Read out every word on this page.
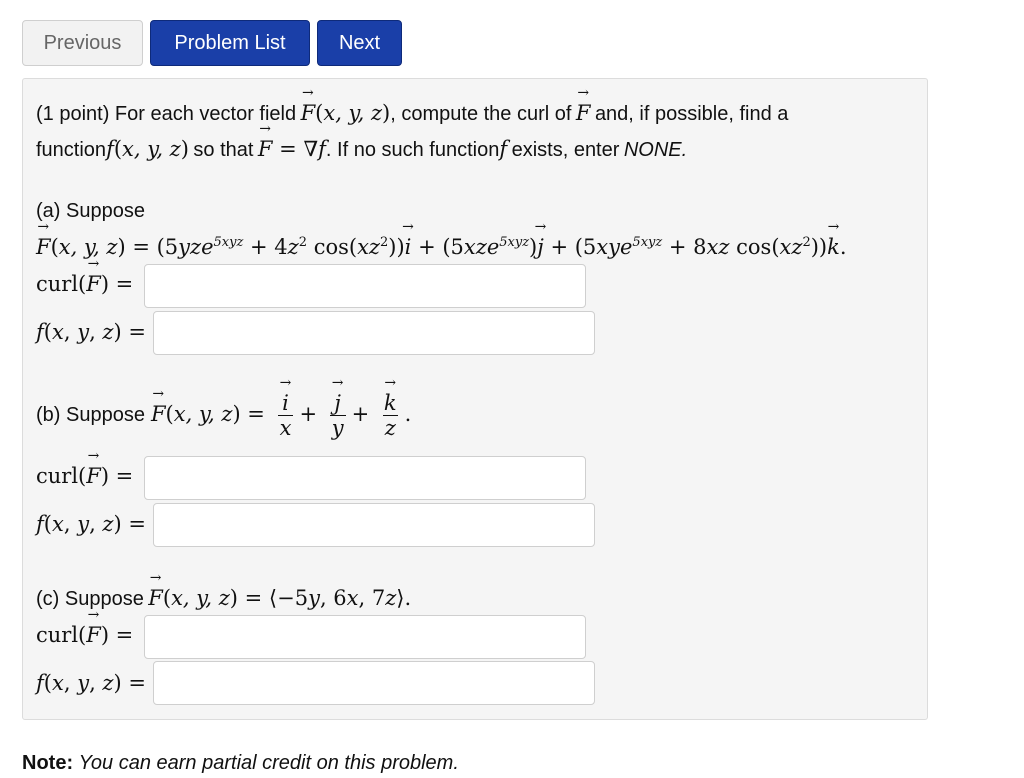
Previous	Problem List	Next
(1 point) For each vector field → F(x, y, z), compute the curl of → F and, if possible, find a
functionf(x, y, z) so that → F = ∇f. If no such functionf exists, enter NONE.
(a) Suppose
→ F(x, y, $z) = (5yze^{5xyz} + 4z^2$ $\cos(xz^2))\to i + (5xze^{5xyz})\to j + (5xye^{5xyz} + 8xz$ $\cos(xz^2))\to k$.
curl(→ F) =
f(x, y, z) =
(b) Suppose → F(x, y, z) = → $\frac{i}{x}$ + → $\frac{j}{y}$ + → $\frac{k}{z}$ .
curl(→ F) =
f(x, y, z) =
(c) Suppose → F(x, y, z) = ⟨−5y, 6x, 7z⟩.
curl(→ F) =
f(x, y, z) =
Note: You can earn partial credit on this problem.
